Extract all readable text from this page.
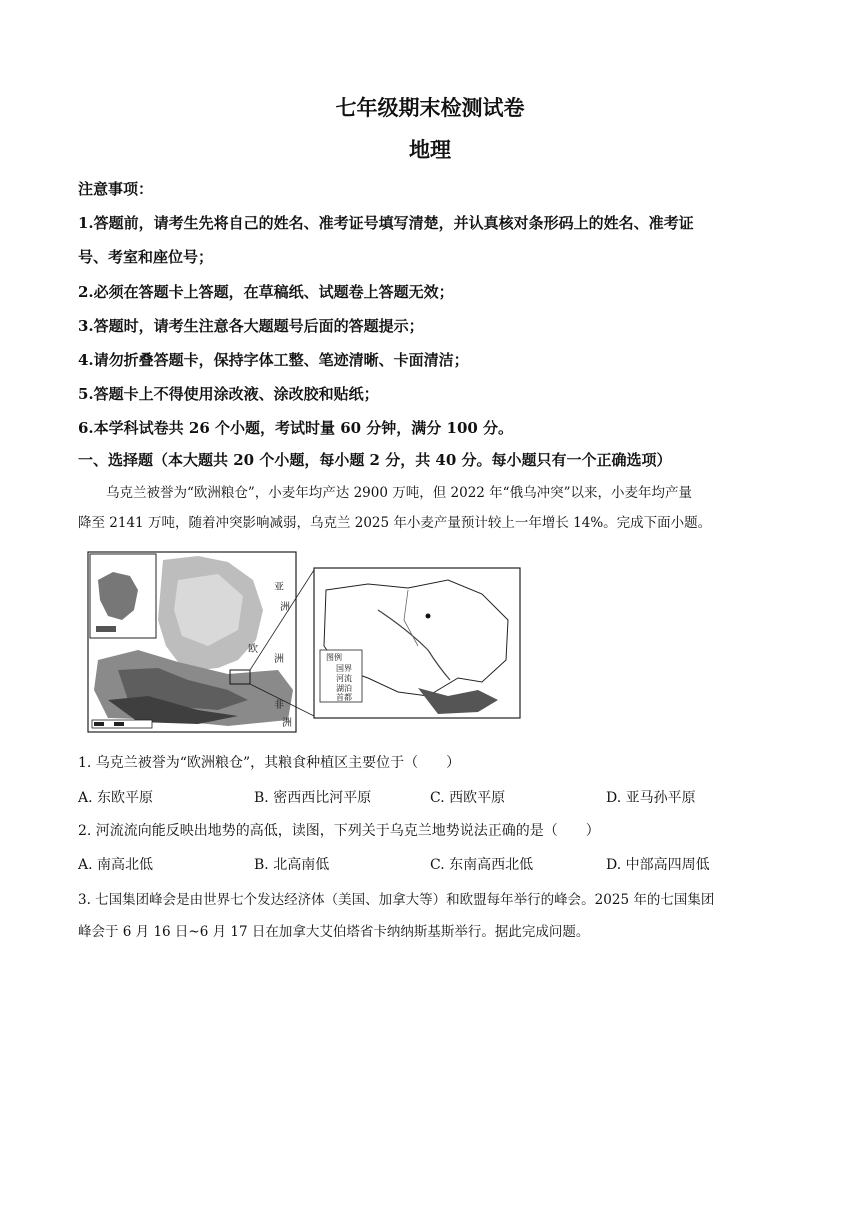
七年级期末检测试卷
地理
注意事项：
1.答题前，请考生先将自己的姓名、准考证号填写清楚，并认真核对条形码上的姓名、准考证
号、考室和座位号；
2.必须在答题卡上答题，在草稿纸、试题卷上答题无效；
3.答题时，请考生注意各大题题号后面的答题提示；
4.请勿折叠答题卡，保持字体工整、笔迹清晰、卡面清洁；
5.答题卡上不得使用涂改液、涂改胶和贴纸；
6.本学科试卷共 26 个小题，考试时量 60 分钟，满分 100 分。
一、选择题（本大题共 20 个小题，每小题 2 分，共 40 分。每小题只有一个正确选项）
乌克兰被誉为“欧洲粮仓”，小麦年均产达 2900 万吨，但 2022 年“俄乌冲突”以来，小麦年均产量
降至 2141 万吨，随着冲突影响减弱，乌克兰 2025 年小麦产量预计较上一年增长 14%。完成下面小题。
欧
洲
亚
洲
非
洲
图例
国界
河流
湖泊
首都
1. 乌克兰被誉为“欧洲粮仓”，其粮食种植区主要位于（　　）
A. 东欧平原	B. 密西西比河平原	C. 西欧平原	D. 亚马孙平原
2. 河流流向能反映出地势的高低，读图，下列关于乌克兰地势说法正确的是（　　）
A. 南高北低	B. 北高南低	C. 东南高西北低	D. 中部高四周低
3. 七国集团峰会是由世界七个发达经济体（美国、加拿大等）和欧盟每年举行的峰会。2025 年的七国集团
峰会于 6 月 16 日~6 月 17 日在加拿大艾伯塔省卡纳纳斯基斯举行。据此完成问题。
